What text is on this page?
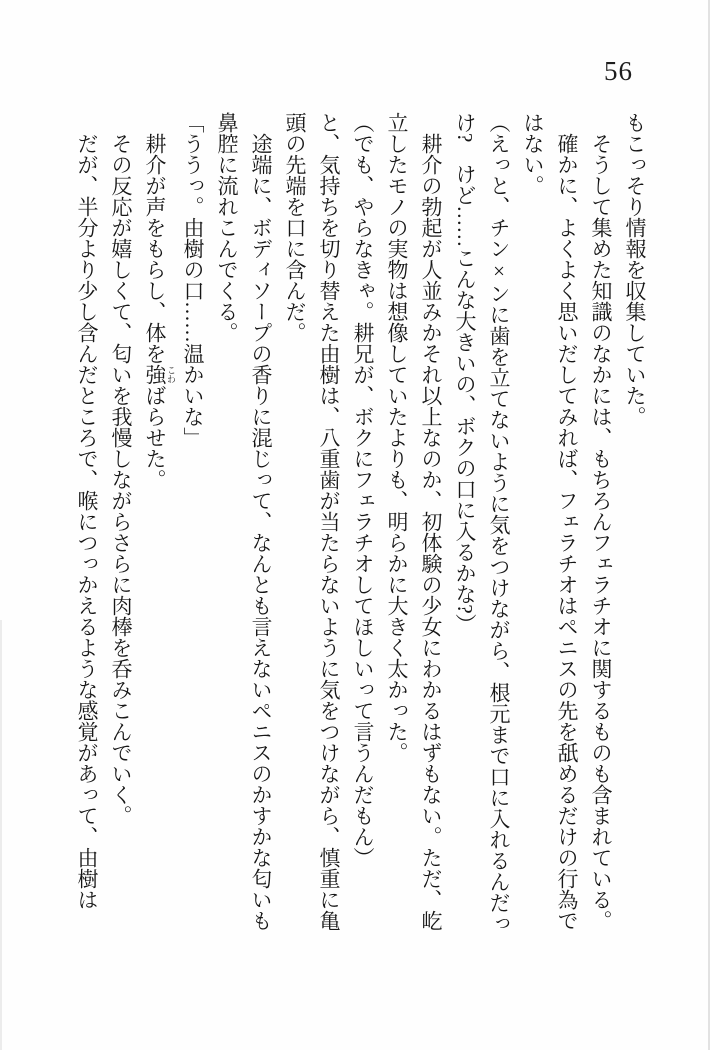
56

もこっそり情報を収集していた。

そうして集めた知識のなかには、もちろんフェラチオに関するものも含まれている。

確かに、よくよく思いだしてみれば、フェラチオはペニスの先を舐めるだけの行為ではない。

（えっと、チン×ンに歯を立てないように気をつけながら、根元まで口に入れるんだっけ?　けど……こんな大きいの、ボクの口に入るかな?）

耕介の勃起が人並みかそれ以上なのか、初体験の少女にわかるはずもない。ただ、屹立したモノの実物は想像していたよりも、明らかに大きく太かった。

（でも、やらなきゃ。耕兄が、ボクにフェラチオしてほしいって言うんだもん）

と、気持ちを切り替えた由樹は、八重歯が当たらないように気をつけながら、慎重に亀頭の先端を口に含んだ。

途端に、ボディソープの香りに混じって、なんとも言えないペニスのかすかな匂いも鼻腔に流れこんでくる。

「ううっ。由樹の口……温かいな」

耕介が声をもらし、体を強 こわばらせた。

その反応が嬉しくて、匂いを我慢しながらさらに肉棒を呑みこんでいく。

だが、半分より少し含んだところで、喉につっかえるような感覚があって、由樹は
